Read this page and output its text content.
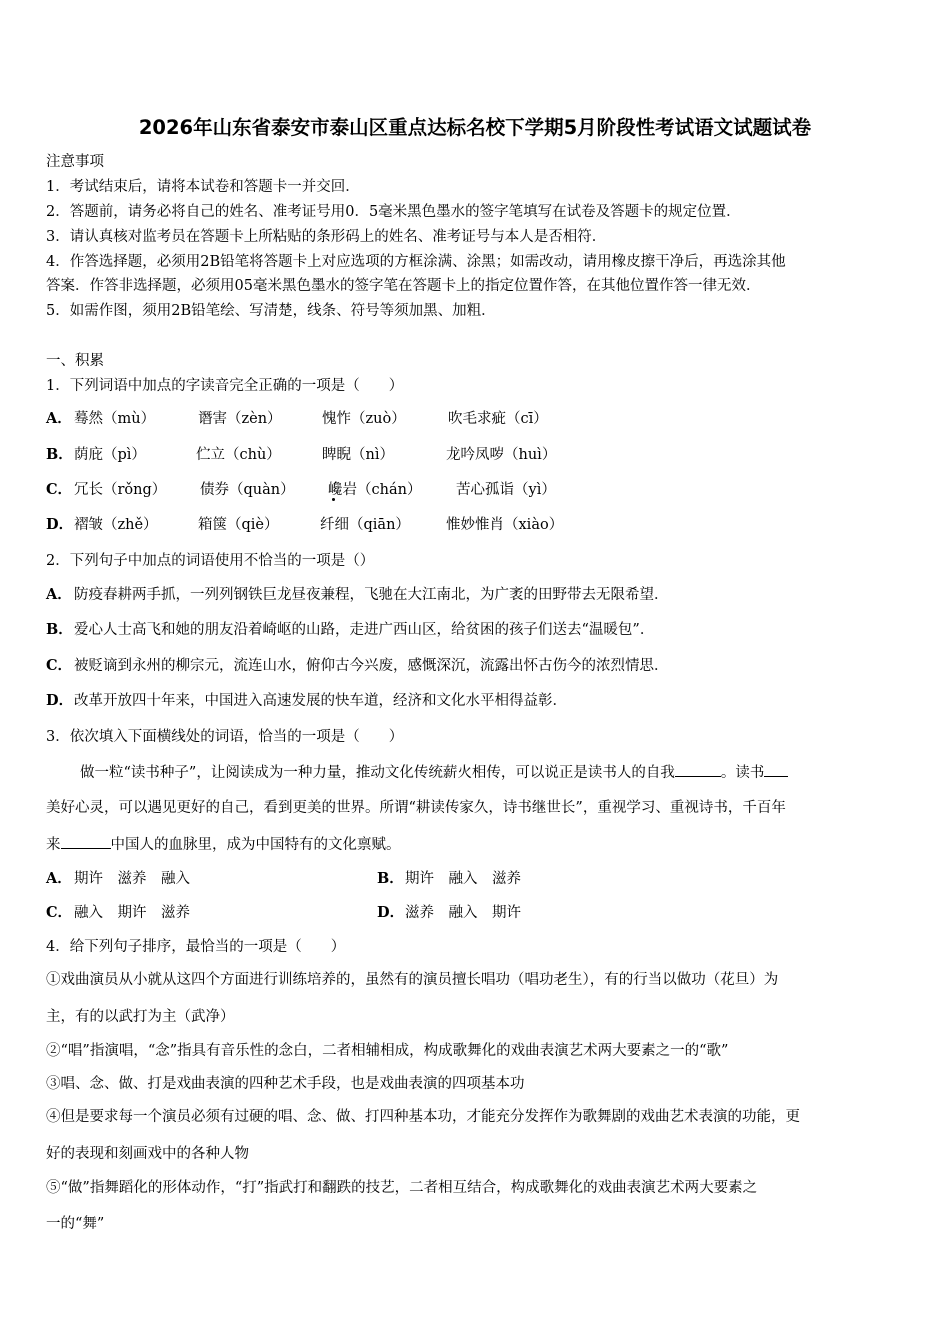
2026年山东省泰安市泰山区重点达标名校下学期5月阶段性考试语文试题试卷
注意事项
1．考试结束后，请将本试卷和答题卡一并交回．
2．答题前，请务必将自己的姓名、准考证号用0．5毫米黑色墨水的签字笔填写在试卷及答题卡的规定位置．
3．请认真核对监考员在答题卡上所粘贴的条形码上的姓名、准考证号与本人是否相符．
4．作答选择题，必须用2B铅笔将答题卡上对应选项的方框涂满、涂黑；如需改动，请用橡皮擦干净后，再选涂其他
答案．作答非选择题，必须用05毫米黑色墨水的签字笔在答题卡上的指定位置作答，在其他位置作答一律无效．
5．如需作图，须用2B铅笔绘、写清楚，线条、符号等须加黑、加粗．
一、积累
1．下列词语中加点的字读音完全正确的一项是（　　）
A． 蓦然（mù）	谮害（zèn）	愧怍（zuò）	吹毛求疵（cī）
B． 荫庇（pì）	伫立（chù）	睥睨（nì）	龙吟凤哕（huì）
C． 冗长（rǒng） 债券（quàn） 巉岩（chán） 苦心孤诣（yì）
D． 褶皱（zhě）	箱箧（qiè）	纤细（qiān） 惟妙惟肖（xiào）
2．下列句子中加点的词语使用不恰当的一项是（）
A． 防疫春耕两手抓，一列列钢铁巨龙昼夜兼程，飞驰在大江南北，为广袤的田野带去无限希望．
B． 爱心人士高飞和她的朋友沿着崎岖的山路，走进广西山区，给贫困的孩子们送去“温暖包”．
C． 被贬谪到永州的柳宗元，流连山水，俯仰古今兴废，感慨深沉，流露出怀古伤今的浓烈情思．
D． 改革开放四十年来，中国进入高速发展的快车道，经济和文化水平相得益彰．
3．依次填入下面横线处的词语，恰当的一项是（　　）
做一粒“读书种子”，让阅读成为一种力量，推动文化传统薪火相传，可以说正是读书人的自我	。读书
美好心灵，可以遇见更好的自己，看到更美的世界。所谓“耕读传家久，诗书继世长”，重视学习、重视诗书，千百年
来	中国人的血脉里，成为中国特有的文化禀赋。
A． 期许　滋养　融入	B． 期许　融入　滋养
C． 融入　期许　滋养	D． 滋养　融入　期许
4．给下列句子排序，最恰当的一项是（　　）
①戏曲演员从小就从这四个方面进行训练培养的，虽然有的演员擅长唱功（唱功老生），有的行当以做功（花旦）为
主，有的以武打为主（武净）
②“唱”指演唱，“念”指具有音乐性的念白，二者相辅相成，构成歌舞化的戏曲表演艺术两大要素之一的“歌”
③唱、念、做、打是戏曲表演的四种艺术手段，也是戏曲表演的四项基本功
④但是要求每一个演员必须有过硬的唱、念、做、打四种基本功，才能充分发挥作为歌舞剧的戏曲艺术表演的功能，更
好的表现和刻画戏中的各种人物
⑤“做”指舞蹈化的形体动作，“打”指武打和翻跌的技艺，二者相互结合，构成歌舞化的戏曲表演艺术两大要素之
一的“舞”
